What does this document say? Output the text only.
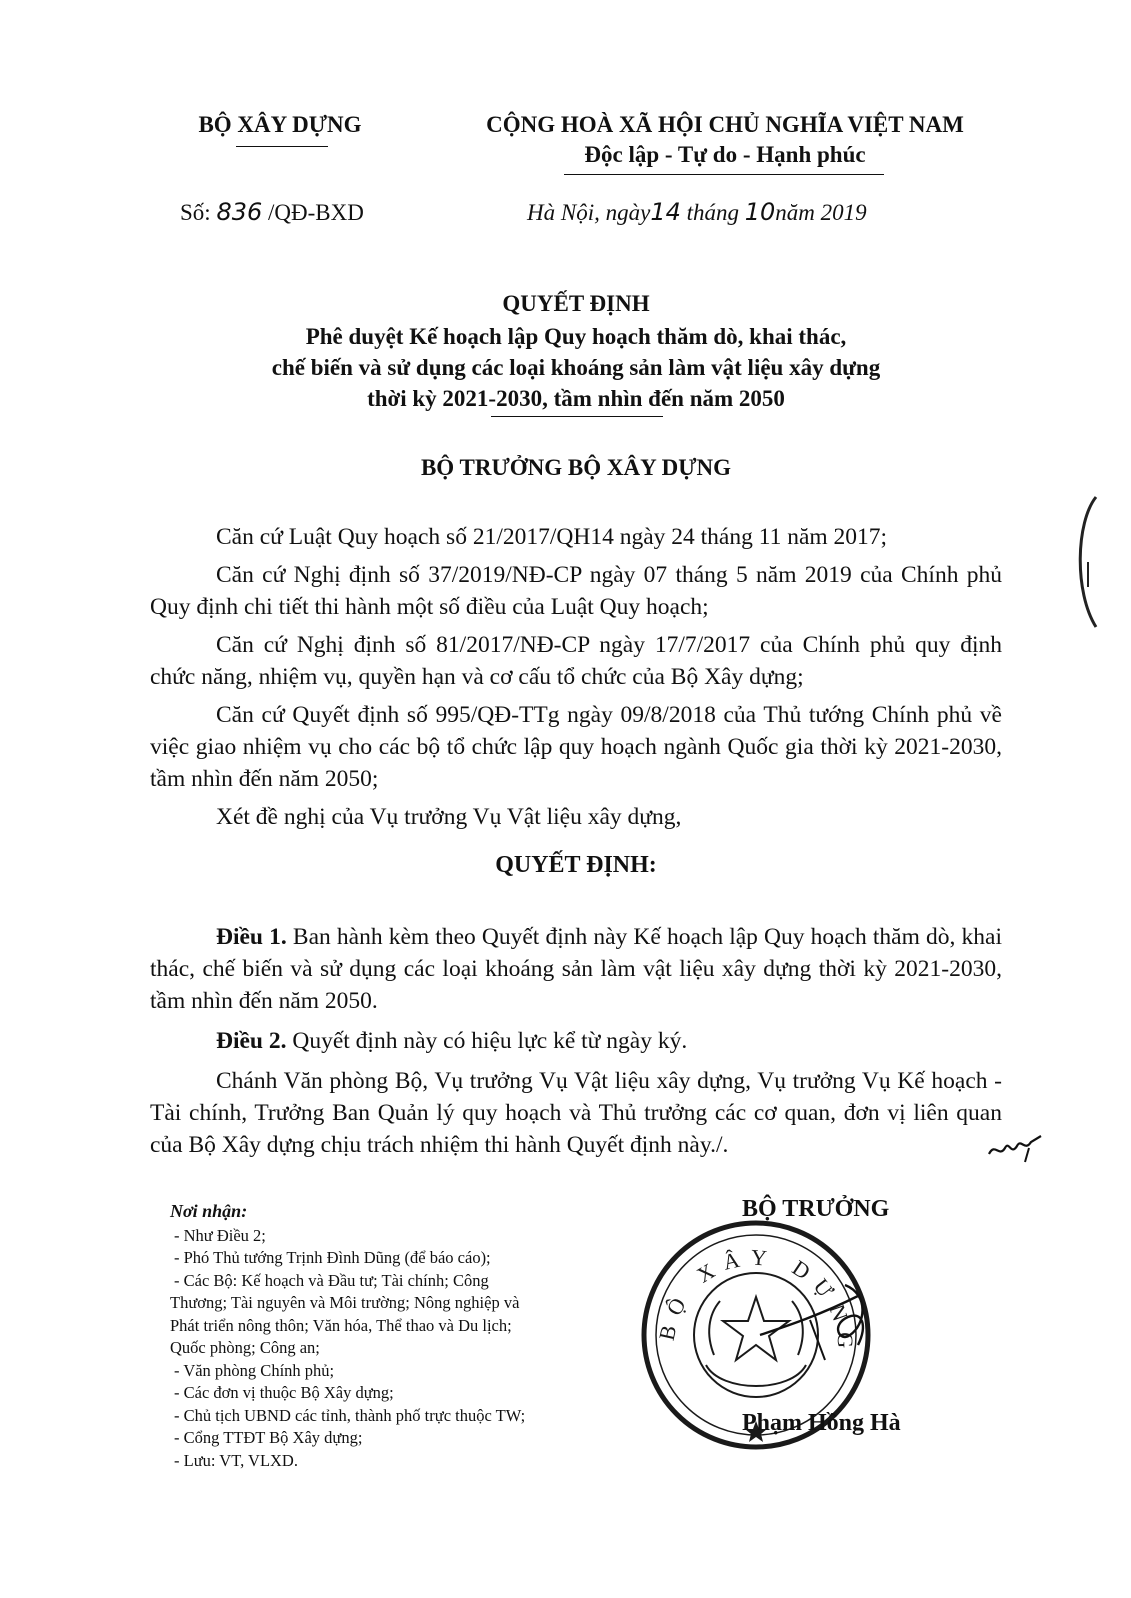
BỘ XÂY DỰNG	CỘNG HOÀ XÃ HỘI CHỦ NGHĨA VIỆT NAM
Độc lập - Tự do - Hạnh phúc
Số: 836 /QĐ-BXD	Hà Nội, ngày14 tháng 10năm 2019
QUYẾT ĐỊNH
Phê duyệt Kế hoạch lập Quy hoạch thăm dò, khai thác,
chế biến và sử dụng các loại khoáng sản làm vật liệu xây dựng
thời kỳ 2021-2030, tầm nhìn đến năm 2050
BỘ TRƯỞNG BỘ XÂY DỰNG

Căn cứ Luật Quy hoạch số 21/2017/QH14 ngày 24 tháng 11 năm 2017;

Căn cứ Nghị định số 37/2019/NĐ-CP ngày 07 tháng 5 năm 2019 của Chính phủ Quy định chi tiết thi hành một số điều của Luật Quy hoạch;

Căn cứ Nghị định số 81/2017/NĐ-CP ngày 17/7/2017 của Chính phủ quy định chức năng, nhiệm vụ, quyền hạn và cơ cấu tổ chức của Bộ Xây dựng;

Căn cứ Quyết định số 995/QĐ-TTg ngày 09/8/2018 của Thủ tướng Chính phủ về việc giao nhiệm vụ cho các bộ tổ chức lập quy hoạch ngành Quốc gia thời kỳ 2021-2030, tầm nhìn đến năm 2050;

Xét đề nghị của Vụ trưởng Vụ Vật liệu xây dựng,

QUYẾT ĐỊNH:

Điều 1. Ban hành kèm theo Quyết định này Kế hoạch lập Quy hoạch thăm dò, khai thác, chế biến và sử dụng các loại khoáng sản làm vật liệu xây dựng thời kỳ 2021-2030, tầm nhìn đến năm 2050.

Điều 2. Quyết định này có hiệu lực kể từ ngày ký.

Chánh Văn phòng Bộ, Vụ trưởng Vụ Vật liệu xây dựng, Vụ trưởng Vụ Kế hoạch - Tài chính, Trưởng Ban Quản lý quy hoạch và Thủ trưởng các cơ quan, đơn vị liên quan của Bộ Xây dựng chịu trách nhiệm thi hành Quyết định này./.

Nơi nhận:
- Như Điều 2;
- Phó Thủ tướng Trịnh Đình Dũng (để báo cáo);
- Các Bộ: Kế hoạch và Đầu tư; Tài chính; Công
Thương; Tài nguyên và Môi trường; Nông nghiệp và
Phát triển nông thôn; Văn hóa, Thể thao và Du lịch;
Quốc phòng; Công an;
- Văn phòng Chính phủ;
- Các đơn vị thuộc Bộ Xây dựng;
- Chủ tịch UBND các tỉnh, thành phố trực thuộc TW;
- Cổng TTĐT Bộ Xây dựng;
- Lưu: VT, VLXD.
BỘ XÂY DỰNG
BỘ TRƯỞNG
Phạm Hồng Hà
